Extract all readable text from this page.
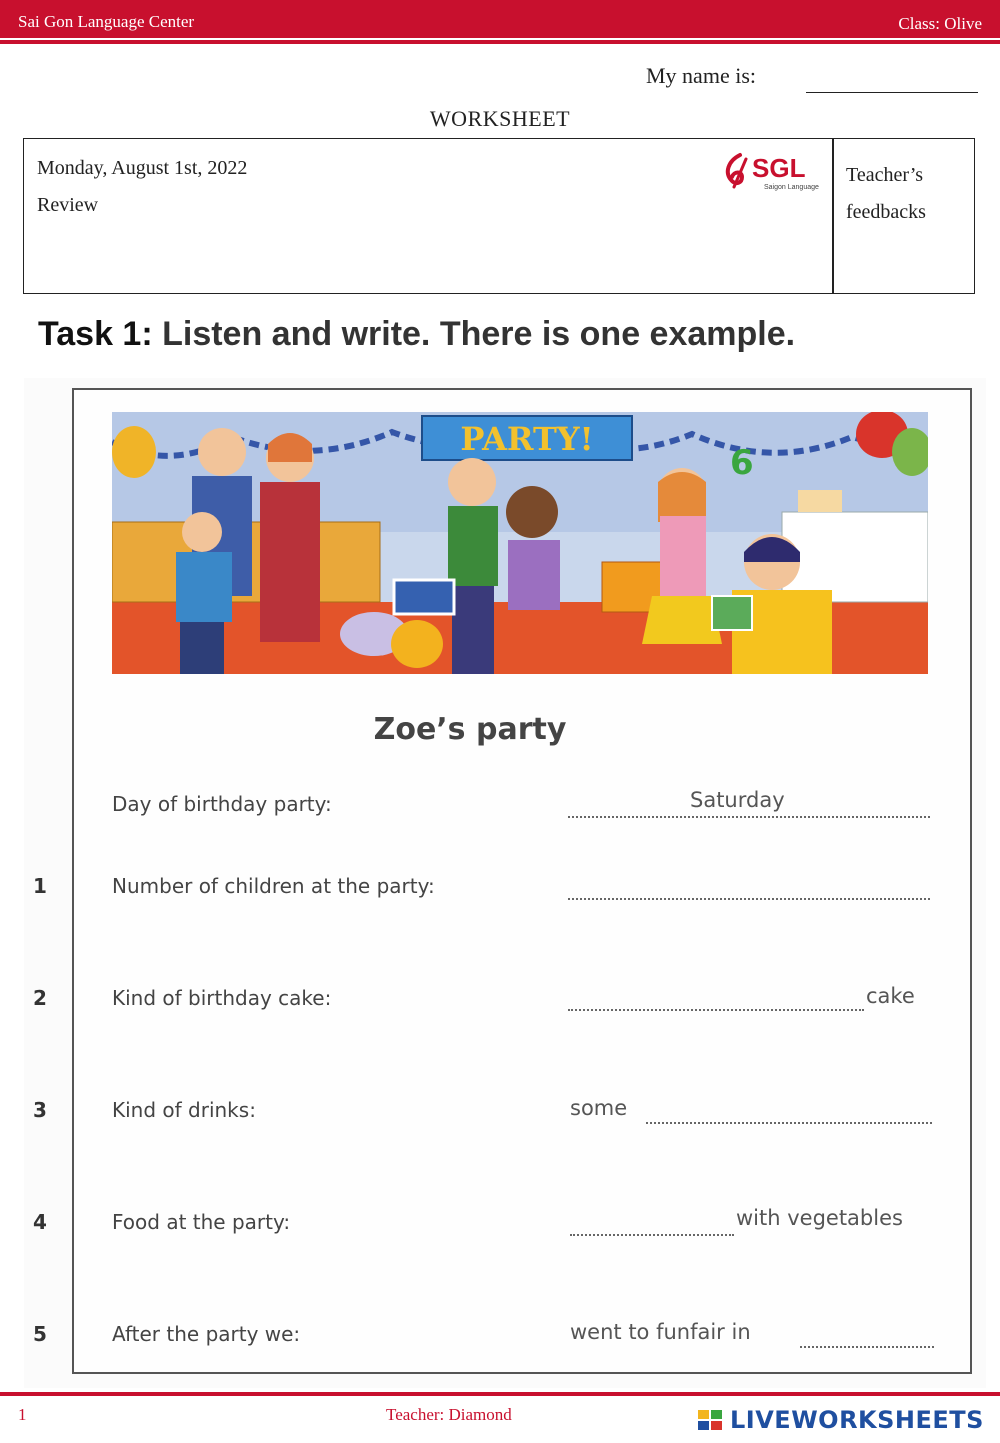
Sai Gon Language Center	Class: Olive
My name is:
WORKSHEET
Monday, August 1st, 2022
Review
SGL
Saigon Language
Teacher’s
feedbacks
Task 1: Listen and write. There is one example.
PARTY!
6
Zoe’s party
Day of birthday party:	Saturday
1	Number of children at the party:
2	Kind of birthday cake:	cake
3	Kind of drinks:	some
4	Food at the party:	with vegetables
5	After the party we:	went to funfair in
1	Teacher: Diamond	LIVEWORKSHEETS
